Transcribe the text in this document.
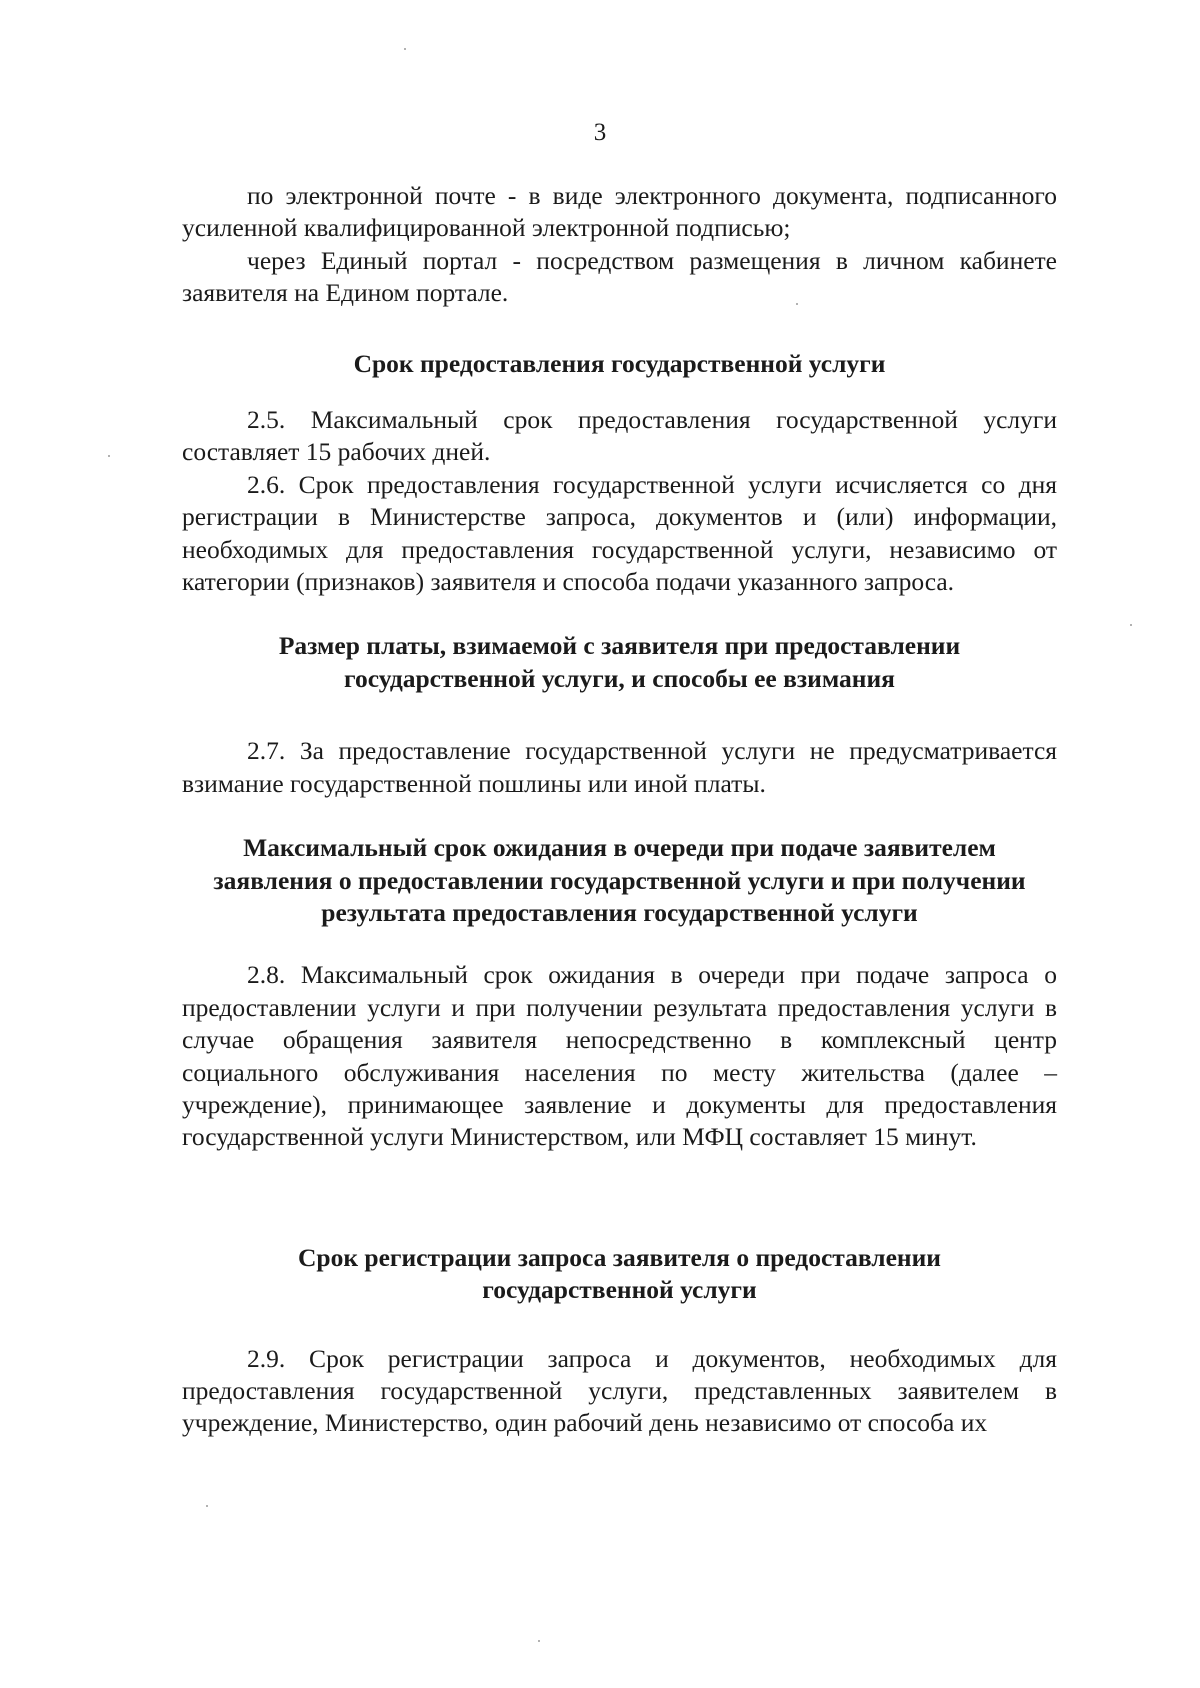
3

по электронной почте - в виде электронного документа, подписанного усиленной квалифицированной электронной подписью;

через Единый портал - посредством размещения в личном кабинете заявителя на Едином портале.

Срок предоставления государственной услуги

2.5. Максимальный срок предоставления государственной услуги составляет 15 рабочих дней.

2.6. Срок предоставления государственной услуги исчисляется со дня регистрации в Министерстве запроса, документов и (или) информации, необходимых для предоставления государственной услуги, независимо от категории (признаков) заявителя и способа подачи указанного запроса.

Размер платы, взимаемой с заявителя при предоставлении
государственной услуги, и способы ее взимания

2.7. За предоставление государственной услуги не предусматривается взимание государственной пошлины или иной платы.

Максимальный срок ожидания в очереди при подаче заявителем
заявления о предоставлении государственной услуги и при получении
результата предоставления государственной услуги

2.8. Максимальный срок ожидания в очереди при подаче запроса о предоставлении услуги и при получении результата предоставления услуги в случае обращения заявителя непосредственно в комплексный центр социального обслуживания населения по месту жительства (далее – учреждение), принимающее заявление и документы для предоставления государственной услуги Министерством, или МФЦ составляет 15 минут.

Срок регистрации запроса заявителя о предоставлении
государственной услуги

2.9. Срок регистрации запроса и документов, необходимых для предоставления государственной услуги, представленных заявителем в учреждение, Министерство, один рабочий день независимо от способа их
